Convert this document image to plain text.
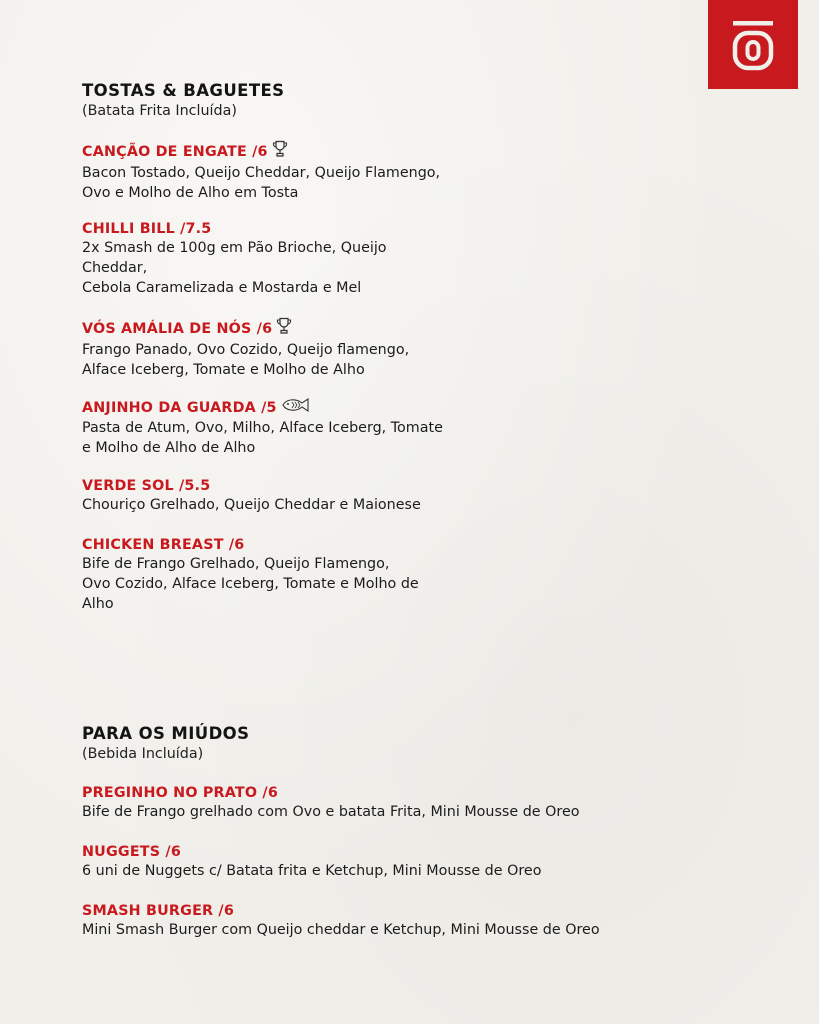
TOSTAS & BAGUETES
(Batata Frita Incluída)
CANÇÃO DE ENGATE /6
Bacon Tostado, Queijo Cheddar, Queijo Flamengo,
Ovo e Molho de Alho em Tosta
CHILLI BILL /7.5
2x Smash de 100g em Pão Brioche, Queijo
Cheddar,
Cebola Caramelizada e Mostarda e Mel
VÓS AMÁLIA DE NÓS /6
Frango Panado, Ovo Cozido, Queijo flamengo,
Alface Iceberg, Tomate e Molho de Alho
ANJINHO DA GUARDA /5
Pasta de Atum, Ovo, Milho, Alface Iceberg, Tomate
e Molho de Alho de Alho
VERDE SOL /5.5
Chouriço Grelhado, Queijo Cheddar e Maionese
CHICKEN BREAST /6
Bife de Frango Grelhado, Queijo Flamengo,
Ovo Cozido, Alface Iceberg, Tomate e Molho de
Alho
PARA OS MIÚDOS
(Bebida Incluída)
PREGINHO NO PRATO /6
Bife de Frango grelhado com Ovo e batata Frita, Mini Mousse de Oreo
NUGGETS /6
6 uni de Nuggets c/ Batata frita e Ketchup, Mini Mousse de Oreo
SMASH BURGER /6
Mini Smash Burger com Queijo cheddar e Ketchup, Mini Mousse de Oreo
